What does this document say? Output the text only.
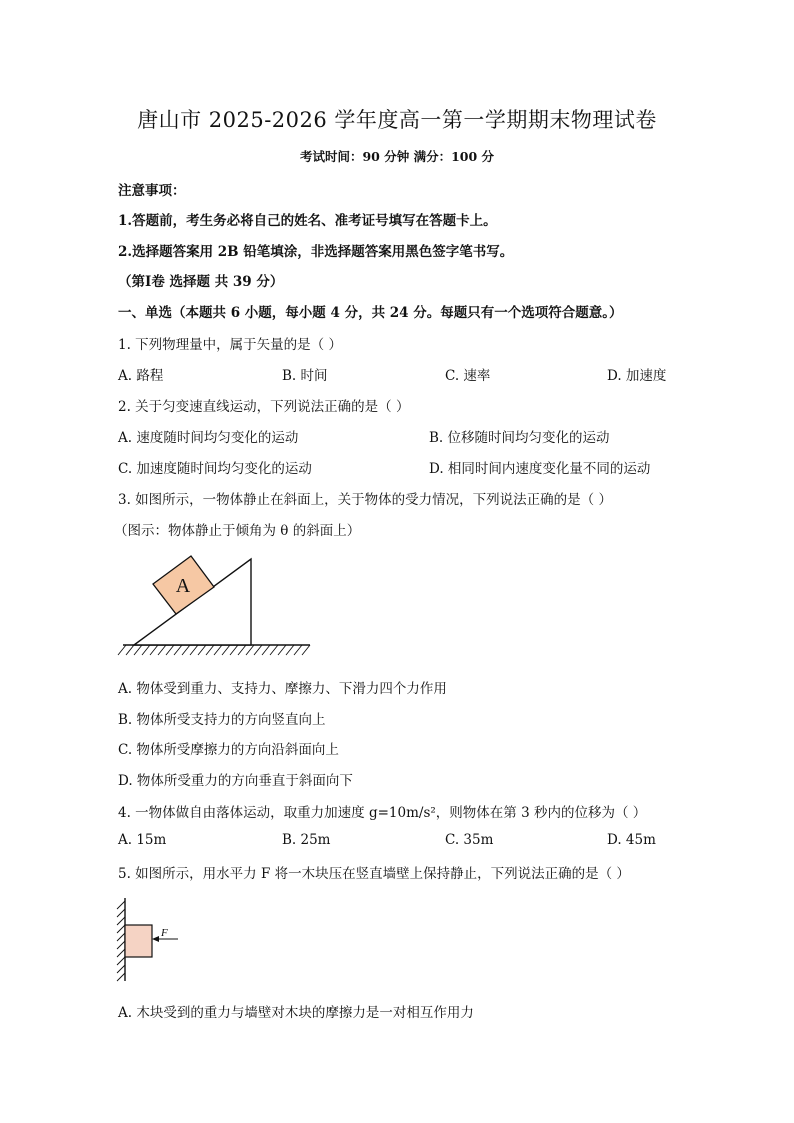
唐山市 2025-2026 学年度高一第一学期期末物理试卷
考试时间：90 分钟 满分：100 分
注意事项：
1.答题前，考生务必将自己的姓名、准考证号填写在答题卡上。
2.选择题答案用 2B 铅笔填涂，非选择题答案用黑色签字笔书写。
（第Ⅰ卷 选择题 共 39 分）
一、单选（本题共 6 小题，每小题 4 分，共 24 分。每题只有一个选项符合题意。）
1. 下列物理量中，属于矢量的是（ ）
A. 路程	B. 时间	C. 速率	D. 加速度
2. 关于匀变速直线运动，下列说法正确的是（ ）
A. 速度随时间均匀变化的运动	B. 位移随时间均匀变化的运动
C. 加速度随时间均匀变化的运动	D. 相同时间内速度变化量不同的运动
3. 如图所示，一物体静止在斜面上，关于物体的受力情况，下列说法正确的是（ ）
（图示：物体静止于倾角为 θ 的斜面上）
A
A. 物体受到重力、支持力、摩擦力、下滑力四个力作用
B. 物体所受支持力的方向竖直向上
C. 物体所受摩擦力的方向沿斜面向上
D. 物体所受重力的方向垂直于斜面向下
4. 一物体做自由落体运动，取重力加速度 g=10m/s²，则物体在第 3 秒内的位移为（ ）
A. 15m	B. 25m	C. 35m	D. 45m
5. 如图所示，用水平力 F 将一木块压在竖直墙壁上保持静止，下列说法正确的是（ ）
F
A. 木块受到的重力与墙壁对木块的摩擦力是一对相互作用力
